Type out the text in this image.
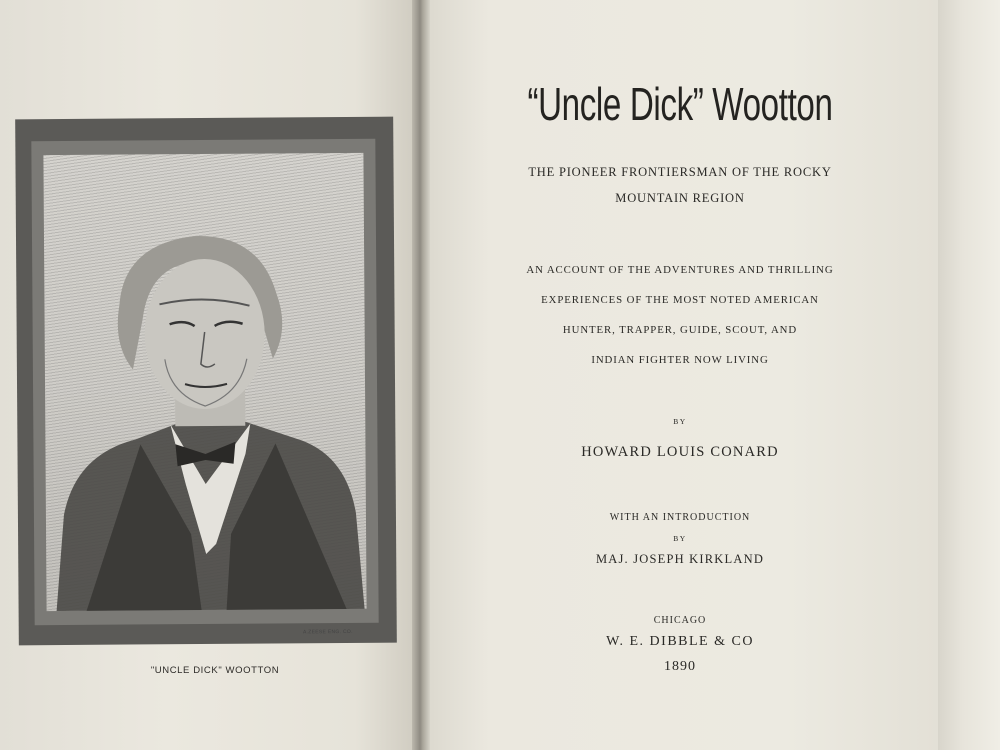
A.ZEESE ENG. CO.
"UNCLE DICK" WOOTTON
“Uncle Dick” Wootton
THE PIONEER FRONTIERSMAN OF THE ROCKY
MOUNTAIN REGION
AN ACCOUNT OF THE ADVENTURES AND THRILLING
EXPERIENCES OF THE MOST NOTED AMERICAN
HUNTER, TRAPPER, GUIDE, SCOUT, AND
INDIAN FIGHTER NOW LIVING
BY
HOWARD LOUIS CONARD
WITH AN INTRODUCTION
BY
MAJ. JOSEPH KIRKLAND
CHICAGO
W. E. DIBBLE & CO
1890
